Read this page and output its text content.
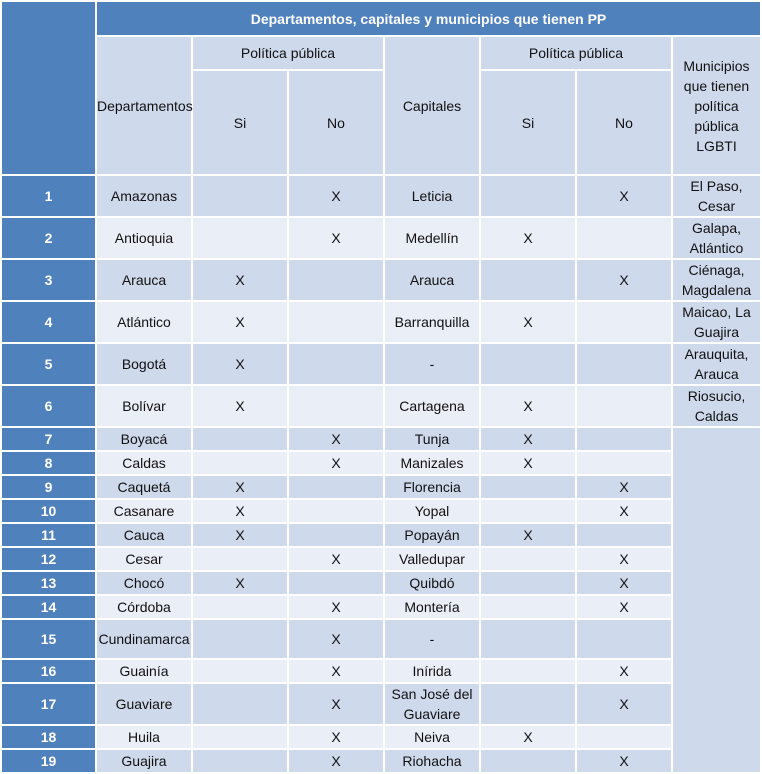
	Departamentos, capitales y municipios que tienen PP						
	Departamentos	Política pública		Capitales	Política pública		Municipios que tienen política pública LGBTI
		Si	No		Si	No	
1	Amazonas		X	Leticia		X	El Paso, Cesar
2	Antioquia		X	Medellín	X		Galapa, Atlántico
3	Arauca	X		Arauca		X	Ciénaga, Magdalena
4	Atlántico	X		Barranquilla	X		Maicao, La Guajira
5	Bogotá	X		-			Arauquita, Arauca
6	Bolívar	X		Cartagena	X		Riosucio, Caldas
7	Boyacá		X	Tunja	X		
8	Caldas		X	Manizales	X		
9	Caquetá	X		Florencia		X	
10	Casanare	X		Yopal		X	
11	Cauca	X		Popayán	X		
12	Cesar		X	Valledupar		X	
13	Chocó	X		Quibdó		X	
14	Córdoba		X	Montería		X	
15	Cundinamarca		X	-			
16	Guainía		X	Inírida		X	
17	Guaviare		X	San José del Guaviare		X	
18	Huila		X	Neiva	X		
19	Guajira		X	Riohacha		X	
